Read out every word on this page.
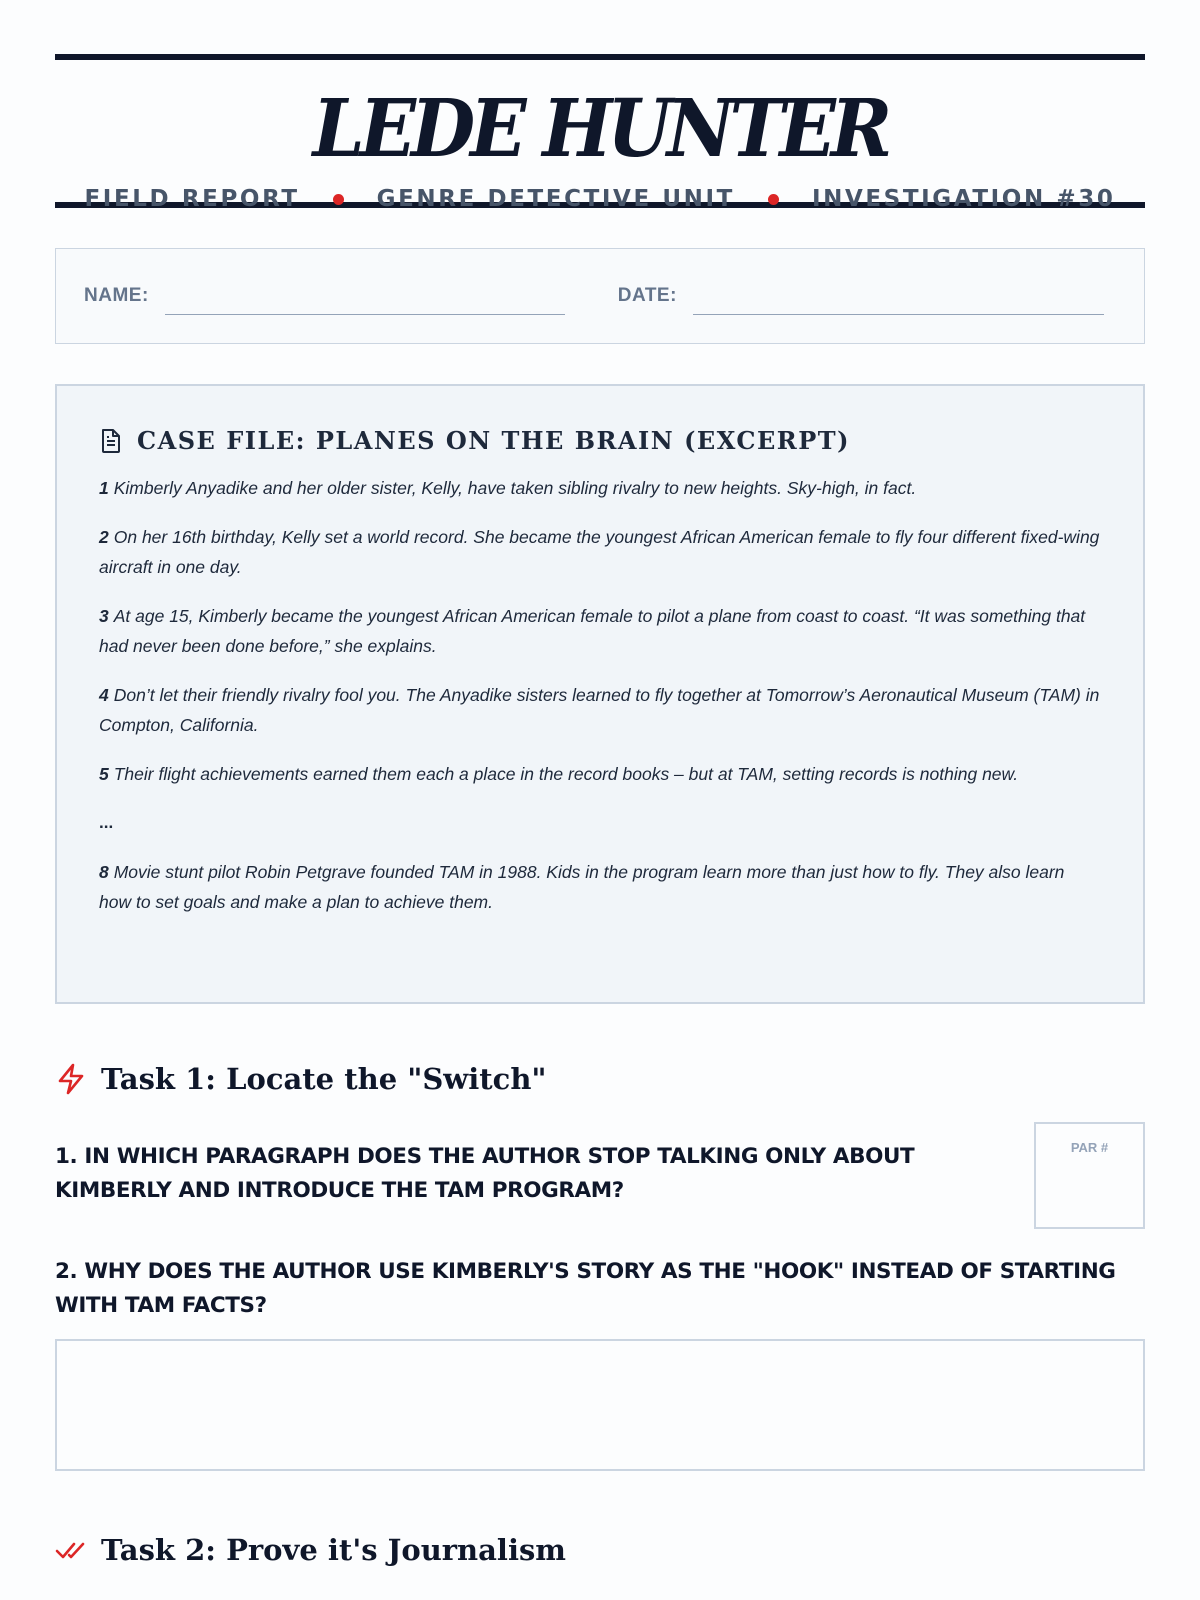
LEDE HUNTER
FIELD REPORT	GENRE DETECTIVE UNIT	INVESTIGATION #30
NAME:	DATE:
CASE FILE: PLANES ON THE BRAIN (EXCERPT)

1 Kimberly Anyadike and her older sister, Kelly, have taken sibling rivalry to new heights. Sky-high, in fact.

2 On her 16th birthday, Kelly set a world record. She became the youngest African American female to fly four different fixed-wing aircraft in one day.

3 At age 15, Kimberly became the youngest African American female to pilot a plane from coast to coast. “It was something that had never been done before,” she explains.

4 Don’t let their friendly rivalry fool you. The Anyadike sisters learned to fly together at Tomorrow’s Aeronautical Museum (TAM) in Compton, California.

5 Their flight achievements earned them each a place in the record books – but at TAM, setting records is nothing new.

...

8 Movie stunt pilot Robin Petgrave founded TAM in 1988. Kids in the program learn more than just how to fly. They also learn how to set goals and make a plan to achieve them.

Task 1: Locate the "Switch"
1. IN WHICH PARAGRAPH DOES THE AUTHOR STOP TALKING ONLY ABOUT KIMBERLY AND INTRODUCE THE TAM PROGRAM?
PAR #
2. WHY DOES THE AUTHOR USE KIMBERLY'S STORY AS THE "HOOK" INSTEAD OF STARTING WITH TAM FACTS?
Task 2: Prove it's Journalism
